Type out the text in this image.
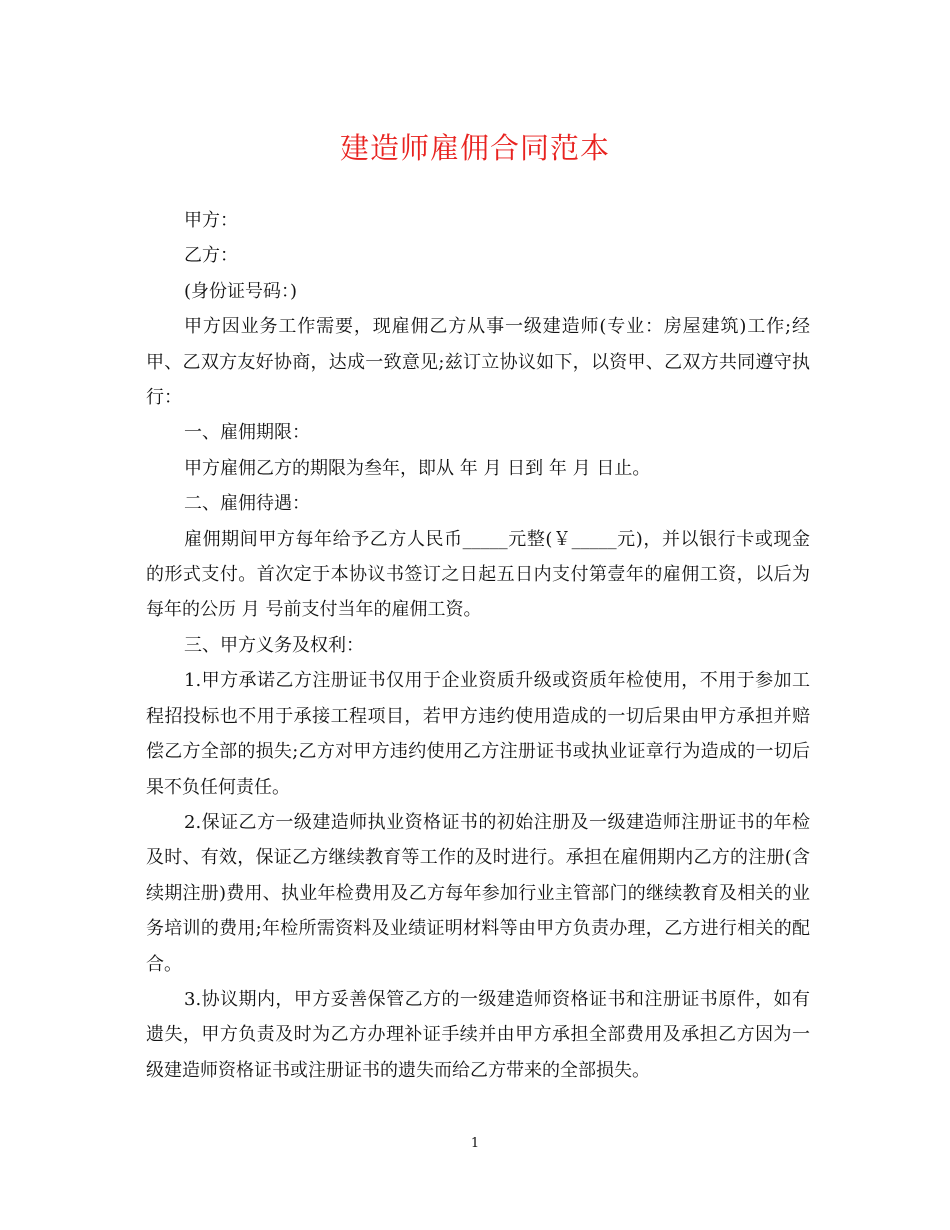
建造师雇佣合同范本

甲方：

乙方：

(身份证号码：)

甲方因业务工作需要，现雇佣乙方从事一级建造师(专业：房屋建筑)工作;经甲、乙双方友好协商，达成一致意见;兹订立协议如下，以资甲、乙双方共同遵守执行：

一、雇佣期限：

甲方雇佣乙方的期限为叁年，即从 年 月 日到 年 月 日止。

二、雇佣待遇：

雇佣期间甲方每年给予乙方人民币_____元整(￥_____元)，并以银行卡或现金的形式支付。首次定于本协议书签订之日起五日内支付第壹年的雇佣工资，以后为每年的公历 月 号前支付当年的雇佣工资。

三、甲方义务及权利：

1.甲方承诺乙方注册证书仅用于企业资质升级或资质年检使用，不用于参加工程招投标也不用于承接工程项目，若甲方违约使用造成的一切后果由甲方承担并赔偿乙方全部的损失;乙方对甲方违约使用乙方注册证书或执业证章行为造成的一切后果不负任何责任。

2.保证乙方一级建造师执业资格证书的初始注册及一级建造师注册证书的年检及时、有效，保证乙方继续教育等工作的及时进行。承担在雇佣期内乙方的注册(含续期注册)费用、执业年检费用及乙方每年参加行业主管部门的继续教育及相关的业务培训的费用;年检所需资料及业绩证明材料等由甲方负责办理，乙方进行相关的配合。

3.协议期内，甲方妥善保管乙方的一级建造师资格证书和注册证书原件，如有遗失，甲方负责及时为乙方办理补证手续并由甲方承担全部费用及承担乙方因为一级建造师资格证书或注册证书的遗失而给乙方带来的全部损失。

1
